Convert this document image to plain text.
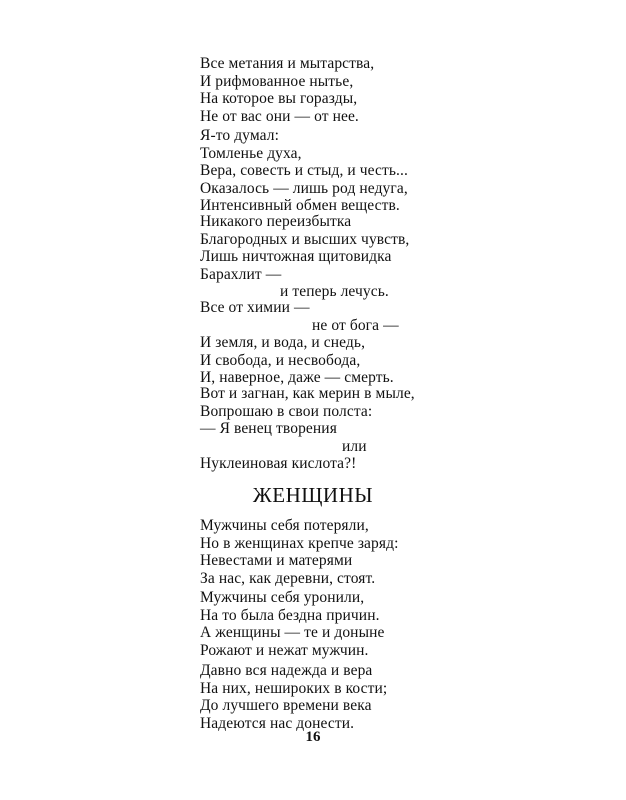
Все метания и мытарства,
И рифмованное нытье,
На которое вы горазды,
Не от вас они — от нее.
Я-то думал:
Томленье духа,
Вера, совесть и стыд, и честь...
Оказалось — лишь род недуга,
Интенсивный обмен веществ.
Никакого переизбытка
Благородных и высших чувств,
Лишь ничтожная щитовидка
Барахлит —
и теперь лечусь.
Все от химии —
не от бога —
И земля, и вода, и снедь,
И свобода, и несвобода,
И, наверное, даже — смерть.
Вот и загнан, как мерин в мыле,
Вопрошаю в свои полста:
— Я венец творения
или
Нуклеиновая кислота?!
ЖЕНЩИНЫ
Мужчины себя потеряли,
Но в женщинах крепче заряд:
Невестами и матерями
За нас, как деревни, стоят.
Мужчины себя уронили,
На то была бездна причин.
А женщины — те и доныне
Рожают и нежат мужчин.
Давно вся надежда и вера
На них, нешироких в кости;
До лучшего времени века
Надеются нас донести.
16
